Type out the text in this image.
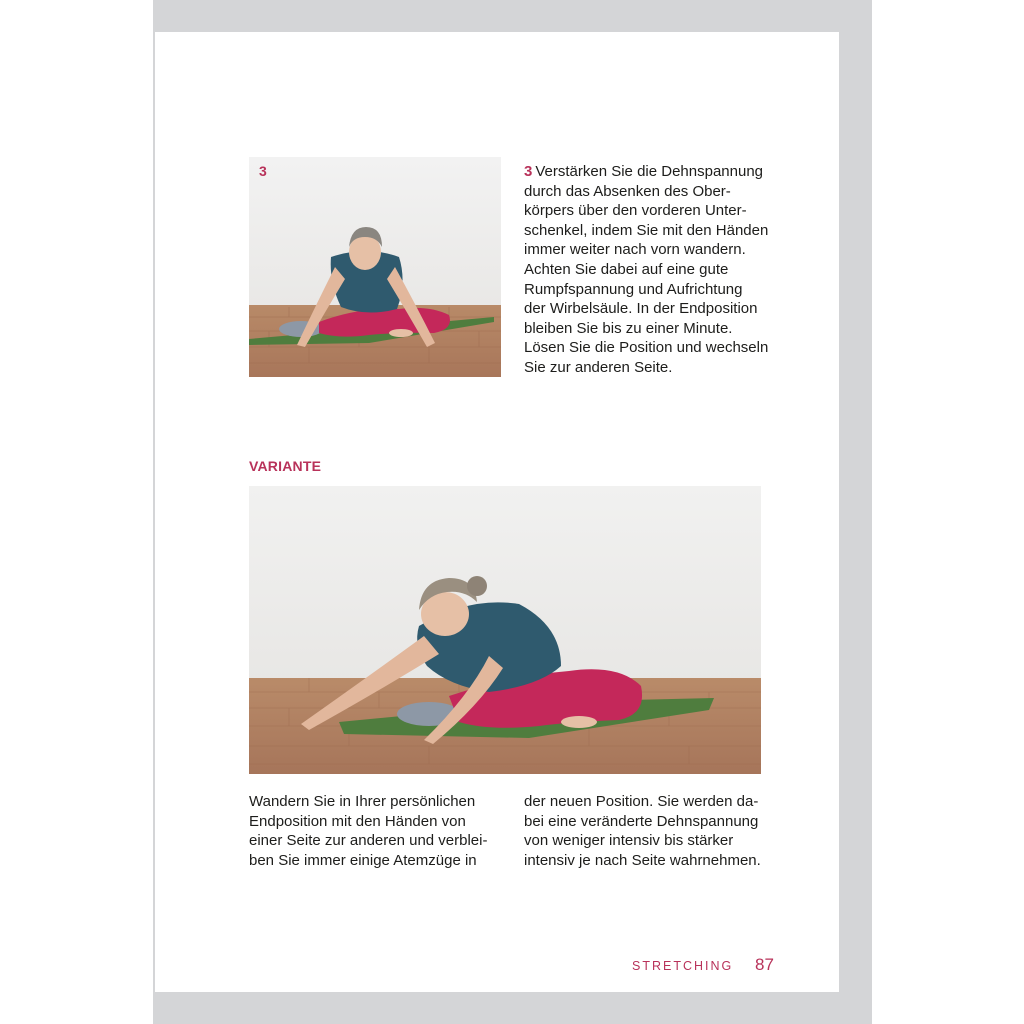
3	3 Verstärken Sie die Dehnspannung
durch das Absenken des Ober-
körpers über den vorderen Unter-
schenkel, indem Sie mit den Händen
immer weiter nach vorn wandern.
Achten Sie dabei auf eine gute
Rumpfspannung und Aufrichtung
der Wirbelsäule. In der Endposition
bleiben Sie bis zu einer Minute.
Lösen Sie die Position und wechseln
Sie zur anderen Seite.
VARIANTE
Wandern Sie in Ihrer persönlichen
Endposition mit den Händen von
einer Seite zur anderen und verblei-
ben Sie immer einige Atemzüge in
der neuen Position. Sie werden da-
bei eine veränderte Dehnspannung
von weniger intensiv bis stärker
intensiv je nach Seite wahrnehmen.
STRETCHING 87
